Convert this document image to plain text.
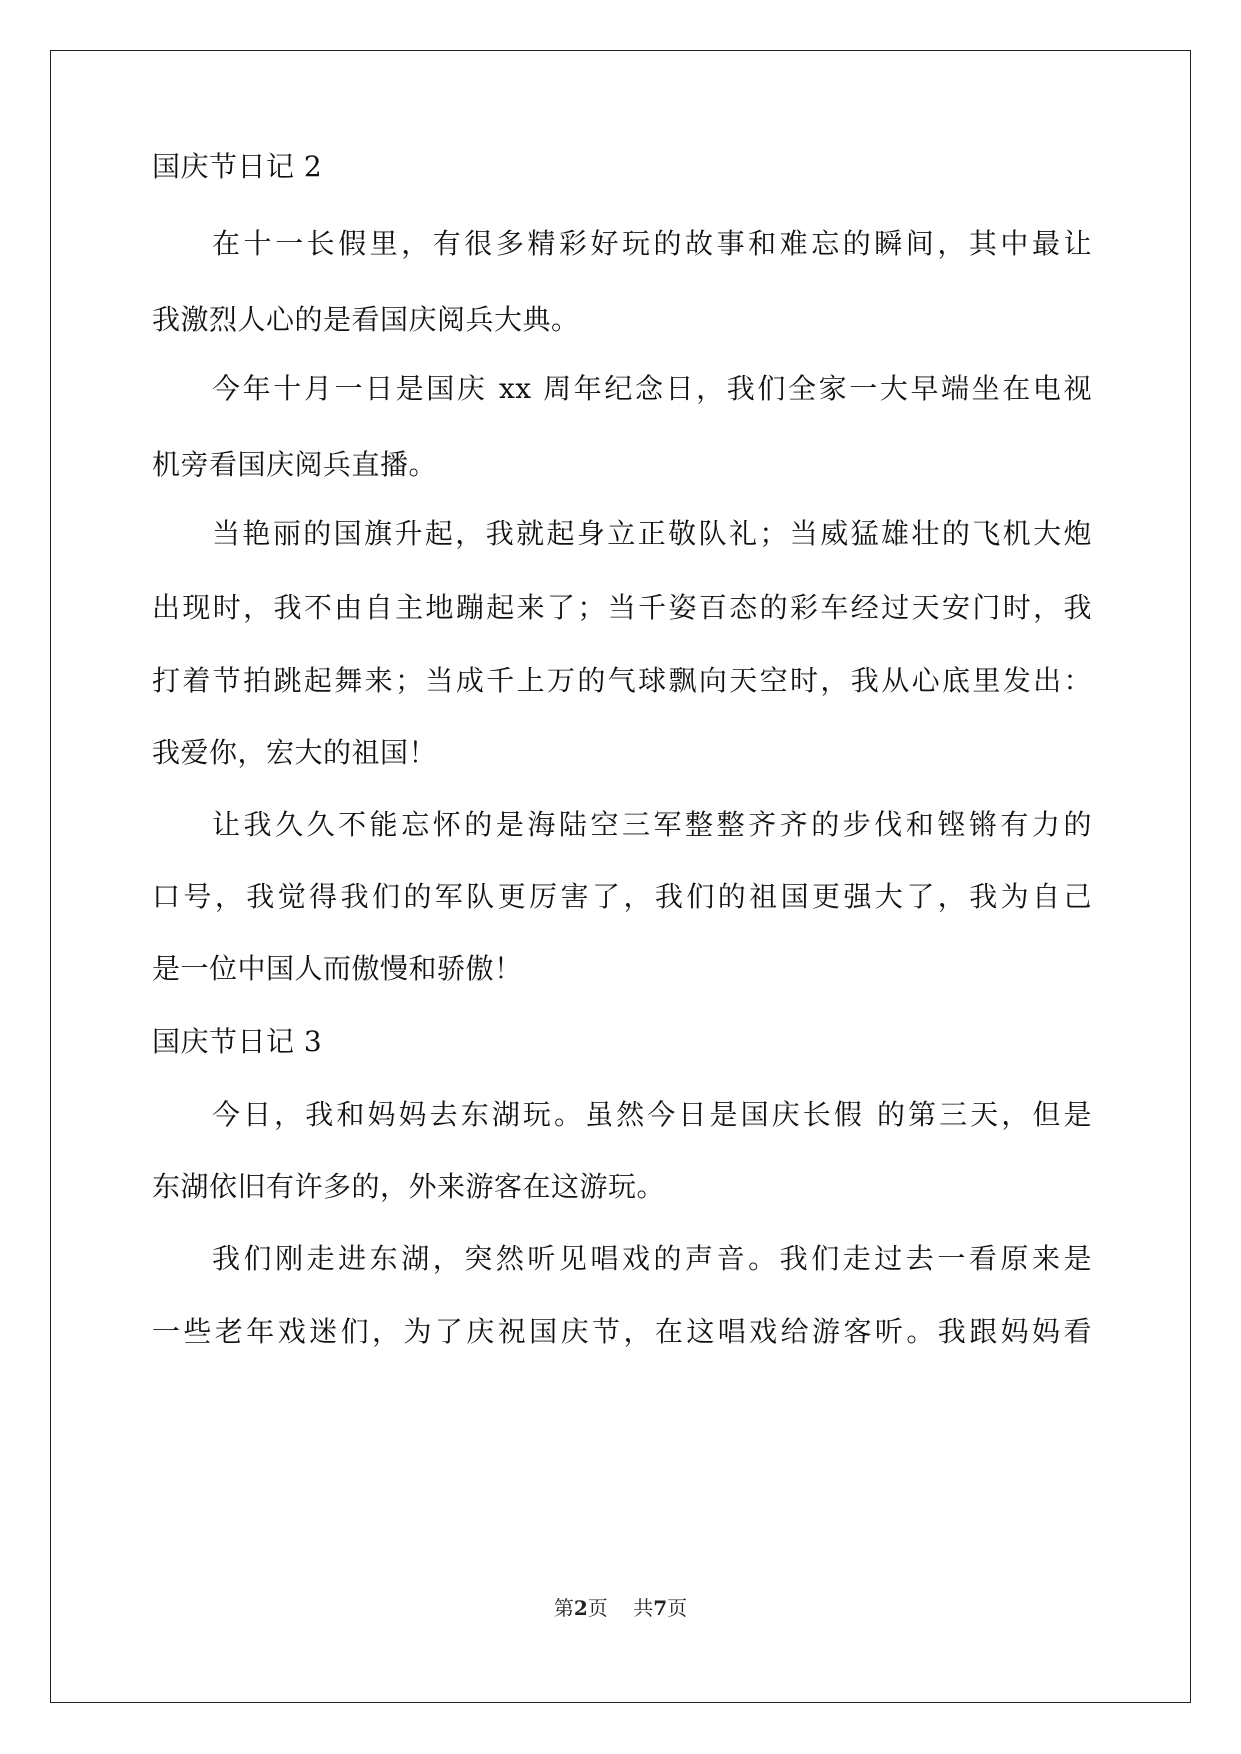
国庆节日记 2
在十一长假里，有很多精彩好玩的故事和难忘的瞬间，其中最让
我激烈人心的是看国庆阅兵大典。
今年十月一日是国庆 xx 周年纪念日，我们全家一大早端坐在电视
机旁看国庆阅兵直播。
当艳丽的国旗升起，我就起身立正敬队礼；当威猛雄壮的飞机大炮
出现时，我不由自主地蹦起来了；当千姿百态的彩车经过天安门时，我
打着节拍跳起舞来；当成千上万的气球飘向天空时，我从心底里发出：
我爱你，宏大的祖国！
让我久久不能忘怀的是海陆空三军整整齐齐的步伐和铿锵有力的
口号，我觉得我们的军队更厉害了，我们的祖国更强大了，我为自己
是一位中国人而傲慢和骄傲！
国庆节日记 3
今日，我和妈妈去东湖玩。虽然今日是国庆长假 的第三天，但是
东湖依旧有许多的，外来游客在这游玩。
我们刚走进东湖，突然听见唱戏的声音。我们走过去一看原来是
一些老年戏迷们，为了庆祝国庆节，在这唱戏给游客听。我跟妈妈看
第2页    共7页
